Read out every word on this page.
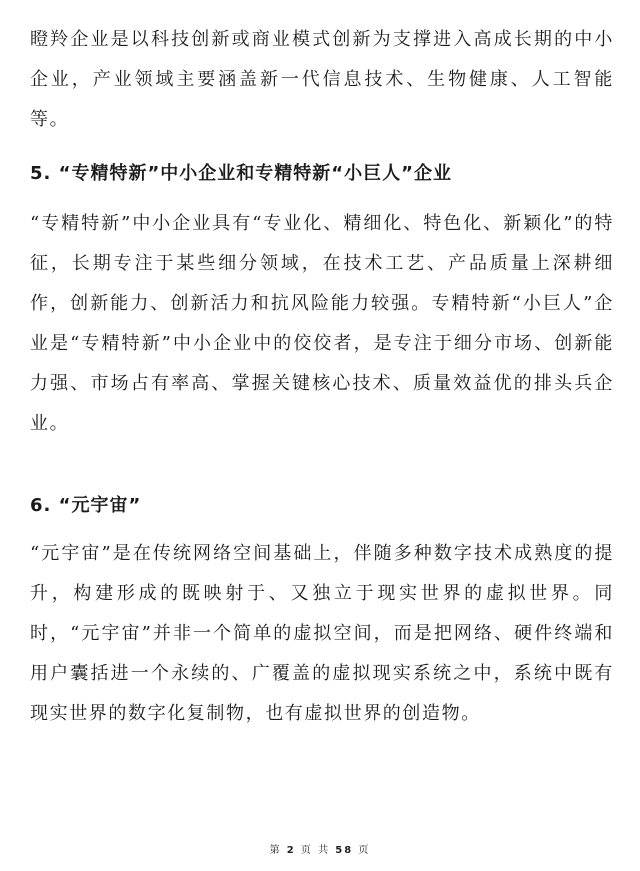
瞪羚企业是以科技创新或商业模式创新为支撑进入高成长期的中小企业，产业领域主要涵盖新一代信息技术、生物健康、人工智能等。

5. “专精特新”中小企业和专精特新“小巨人”企业

“专精特新”中小企业具有“专业化、精细化、特色化、新颖化”的特征，长期专注于某些细分领域，在技术工艺、产品质量上深耕细作，创新能力、创新活力和抗风险能力较强。专精特新“小巨人”企业是“专精特新”中小企业中的佼佼者，是专注于细分市场、创新能力强、市场占有率高、掌握关键核心技术、质量效益优的排头兵企业。

6. “元宇宙”

“元宇宙”是在传统网络空间基础上，伴随多种数字技术成熟度的提升，构建形成的既映射于、又独立于现实世界的虚拟世界。同时，“元宇宙”并非一个简单的虚拟空间，而是把网络、硬件终端和用户囊括进一个永续的、广覆盖的虚拟现实系统之中，系统中既有现实世界的数字化复制物，也有虚拟世界的创造物。

第 2 页 共 58 页
